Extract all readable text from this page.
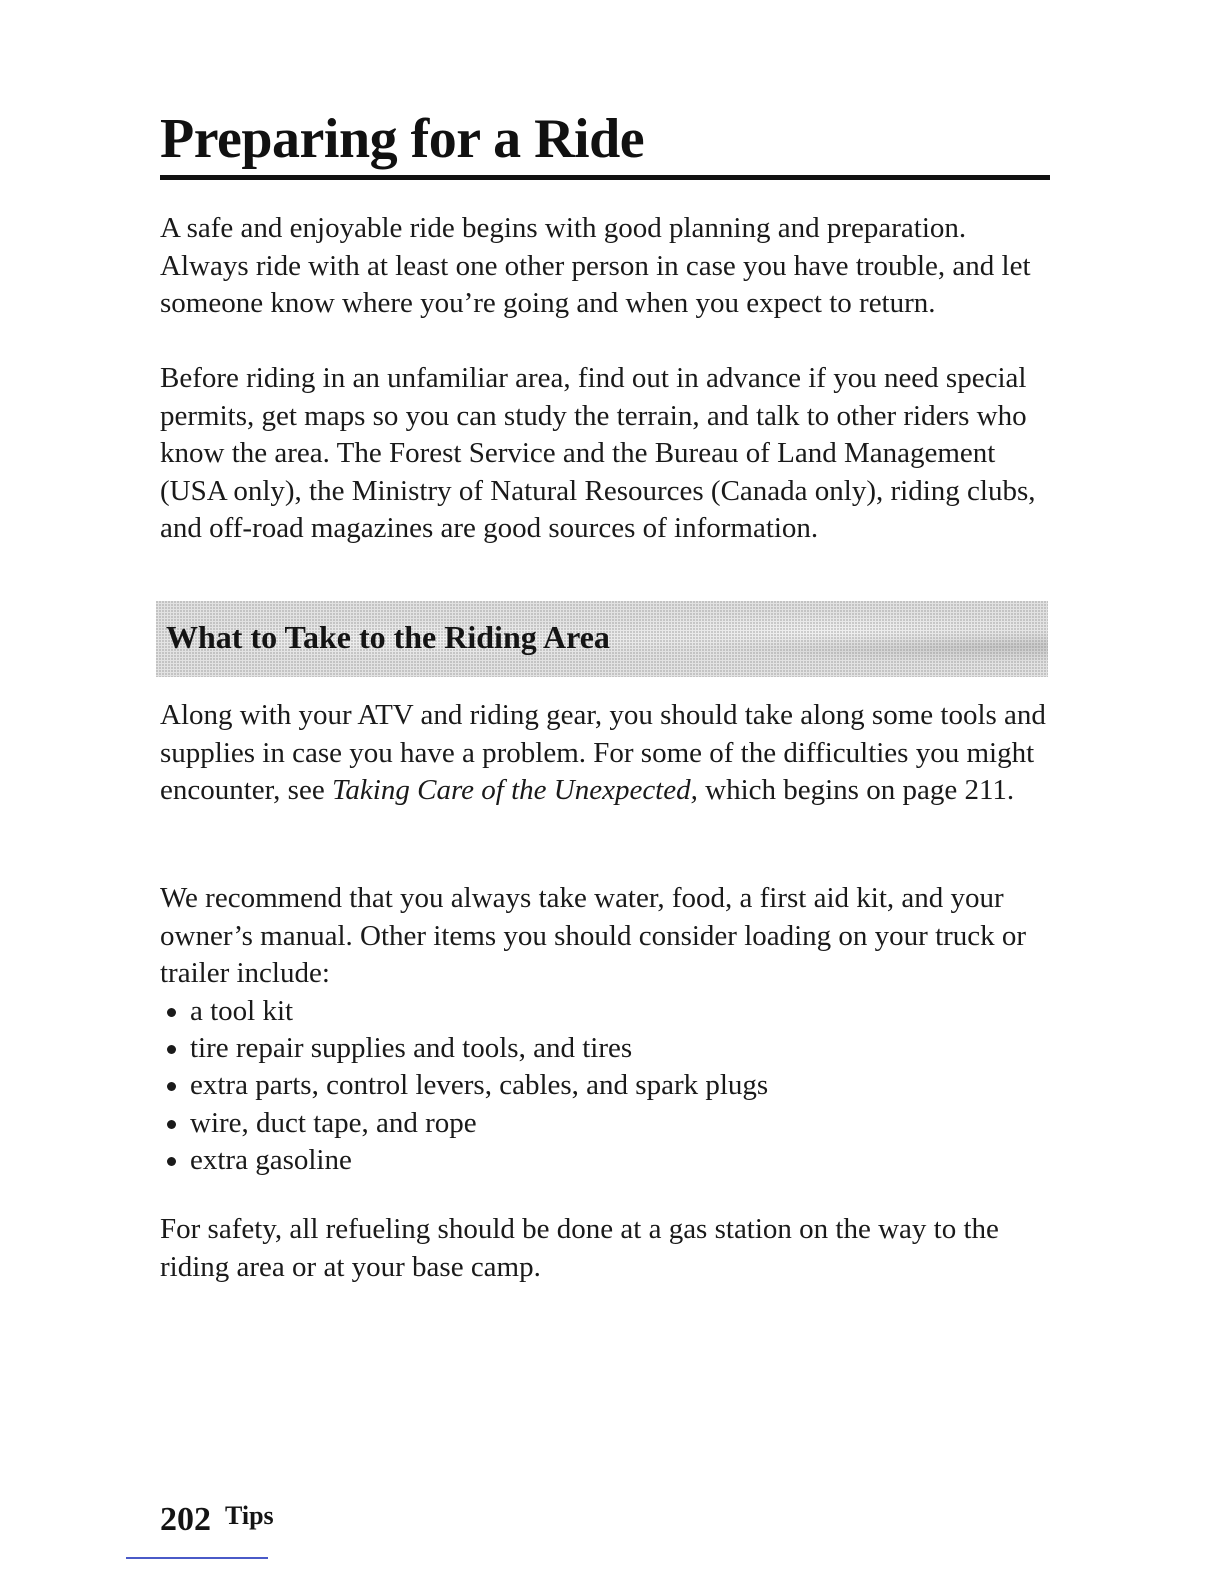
Preparing for a Ride

A safe and enjoyable ride begins with good planning and preparation. Always ride with at least one other person in case you have trouble, and let someone know where you’re going and when you expect to return.

Before riding in an unfamiliar area, find out in advance if you need special permits, get maps so you can study the terrain, and talk to other riders who know the area. The Forest Service and the Bureau of Land Management (USA only), the Ministry of Natural Resources (Canada only), riding clubs, and off-road magazines are good sources of information.

What to Take to the Riding Area

Along with your ATV and riding gear, you should take along some tools and supplies in case you have a problem. For some of the difficulties you might encounter, see Taking Care of the Unexpected, which begins on page 211.

We recommend that you always take water, food, a first aid kit, and your owner’s manual. Other items you should consider loading on your truck or trailer include:

a tool kit
tire repair supplies and tools, and tires
extra parts, control levers, cables, and spark plugs
wire, duct tape, and rope
extra gasoline

For safety, all refueling should be done at a gas station on the way to the riding area or at your base camp.

202 Tips
